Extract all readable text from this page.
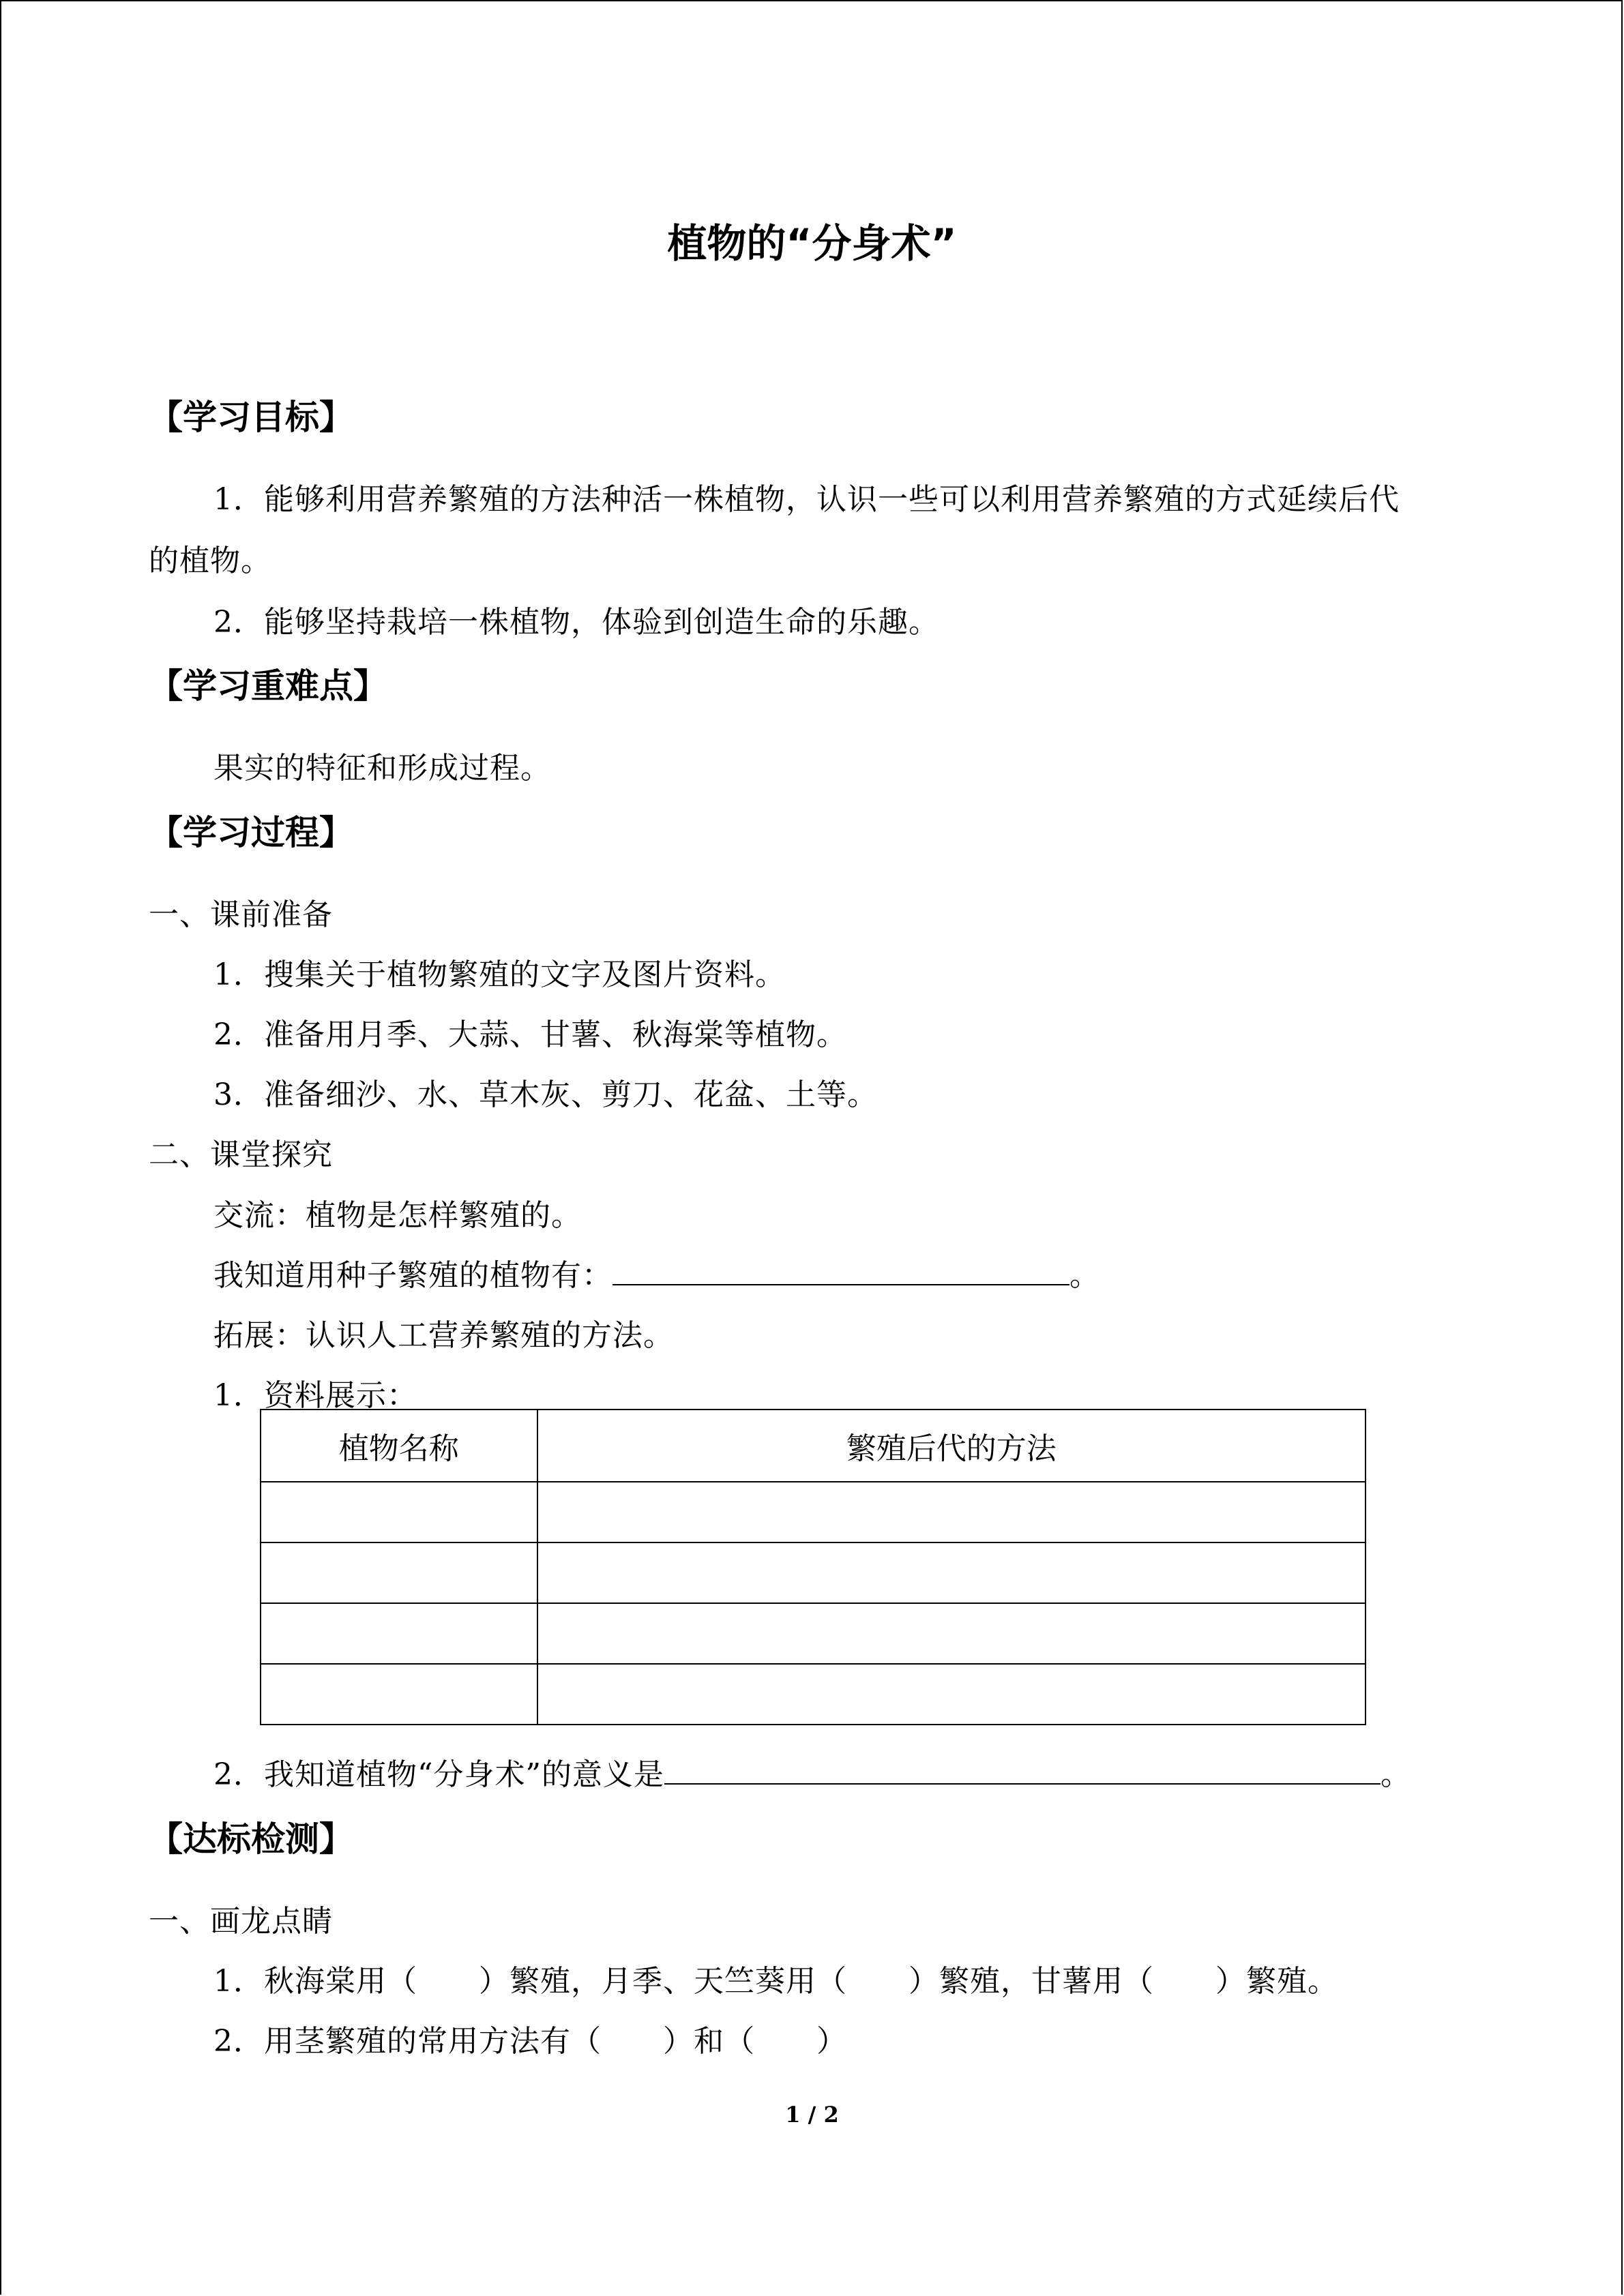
植物的“分身术”
【学习目标】
1．能够利用营养繁殖的方法种活一株植物，认识一些可以利用营养繁殖的方式延续后代
的植物。
2．能够坚持栽培一株植物，体验到创造生命的乐趣。
【学习重难点】
果实的特征和形成过程。
【学习过程】
一、课前准备
1．搜集关于植物繁殖的文字及图片资料。
2．准备用月季、大蒜、甘薯、秋海棠等植物。
3．准备细沙、水、草木灰、剪刀、花盆、土等。
二、课堂探究
交流：植物是怎样繁殖的。
我知道用种子繁殖的植物有：	。
拓展：认识人工营养繁殖的方法。
1．资料展示：
植物名称	繁殖后代的方法

2．我知道植物“分身术”的意义是	。
【达标检测】
一、画龙点睛
1．秋海棠用（　　）繁殖，月季、天竺葵用（　　）繁殖，甘薯用（　　）繁殖。
2．用茎繁殖的常用方法有（　　）和（　　）
1 / 2
